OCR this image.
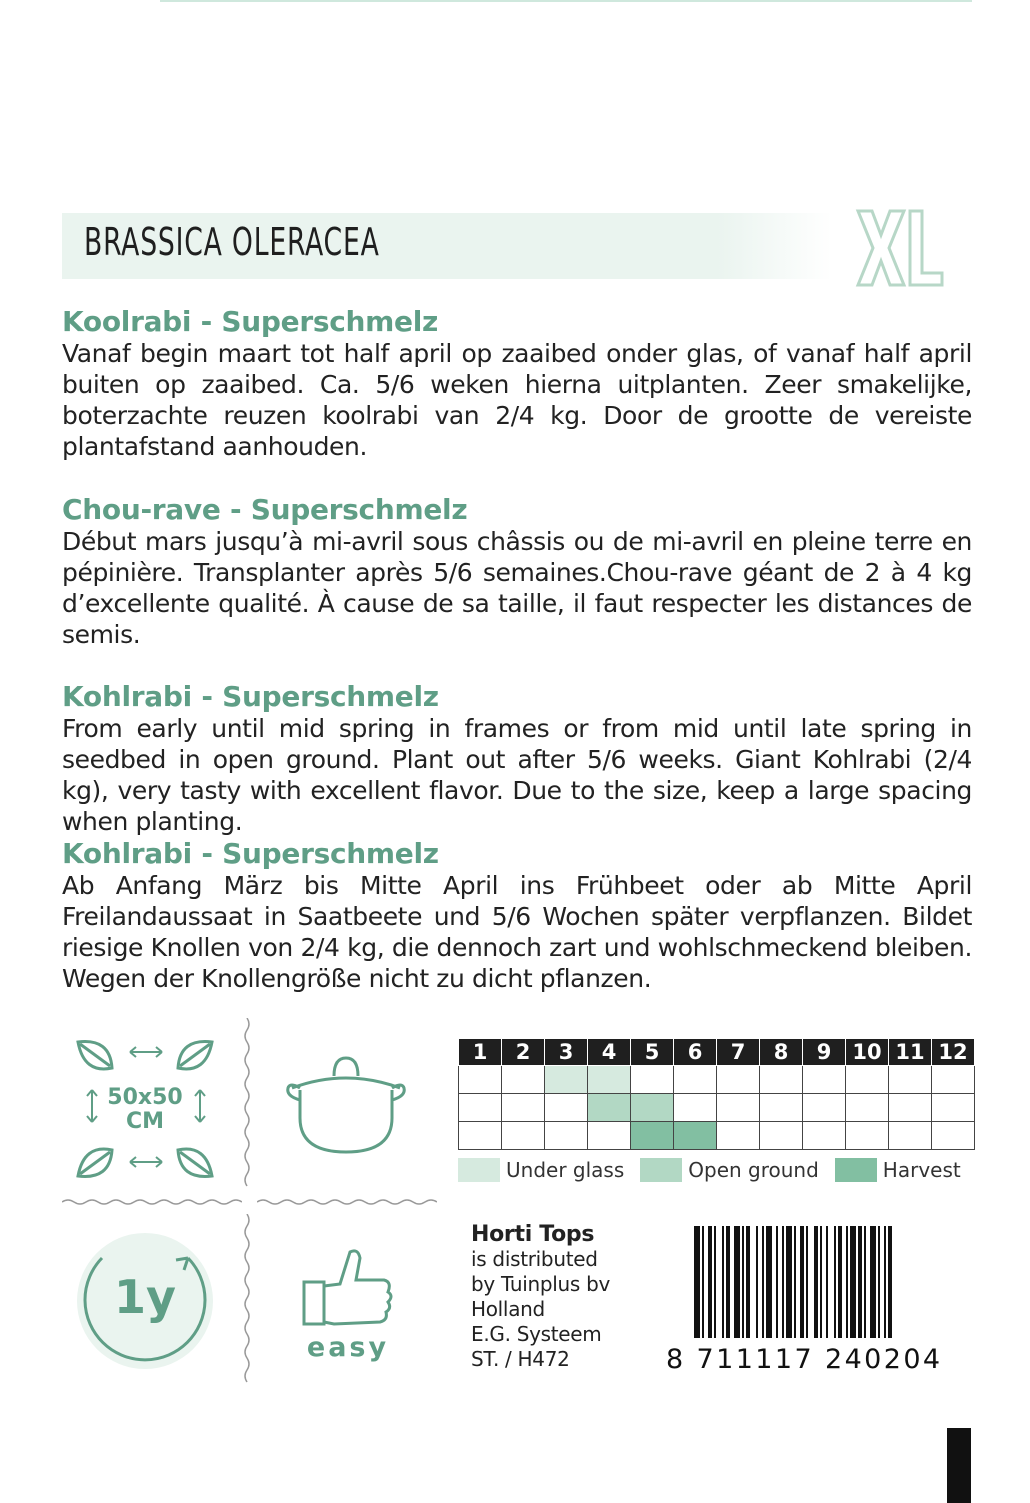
BRASSICA OLERACEA
XL
Koolrabi - Superschmelz
Vanaf begin maart tot half april op zaaibed onder glas, of vanaf half april buiten op zaaibed. Ca. 5/6 weken hierna uitplanten. Zeer smakelijke, boterzachte reuzen koolrabi van 2/4 kg. Door de grootte de vereiste plantafstand aanhouden.
Chou-rave - Superschmelz
Début mars jusqu’à mi-avril sous châssis ou de mi-avril en pleine terre en pépinière. Transplanter après 5/6 semaines.Chou-rave géant de 2 à 4 kg d’excellente qualité. À cause de sa taille, il faut respecter les distances de semis.
Kohlrabi - Superschmelz
From early until mid spring in frames or from mid until late spring in seedbed in open ground. Plant out after 5/6 weeks. Giant Kohlrabi (2/4 kg), very tasty with excellent flavor. Due to the size, keep a large spacing when planting.
Kohlrabi - Superschmelz
Ab Anfang März bis Mitte April ins Frühbeet oder ab Mitte April Freilandaussaat in Saatbeete und 5/6 Wochen später verpflanzen. Bildet riesige Knollen von 2/4 kg, die dennoch zart und wohlschmeckend bleiben. Wegen der Knollengröße nicht zu dicht pflanzen.
50x50
CM
1y
easy
1	2	3	4	5	6	7	8	9	10	11	12

Under glass	Open ground	Harvest
Horti Tops
is distributed
by Tuinplus bv
Holland
E.G. Systeem
ST. / H472	8 711117 240204
